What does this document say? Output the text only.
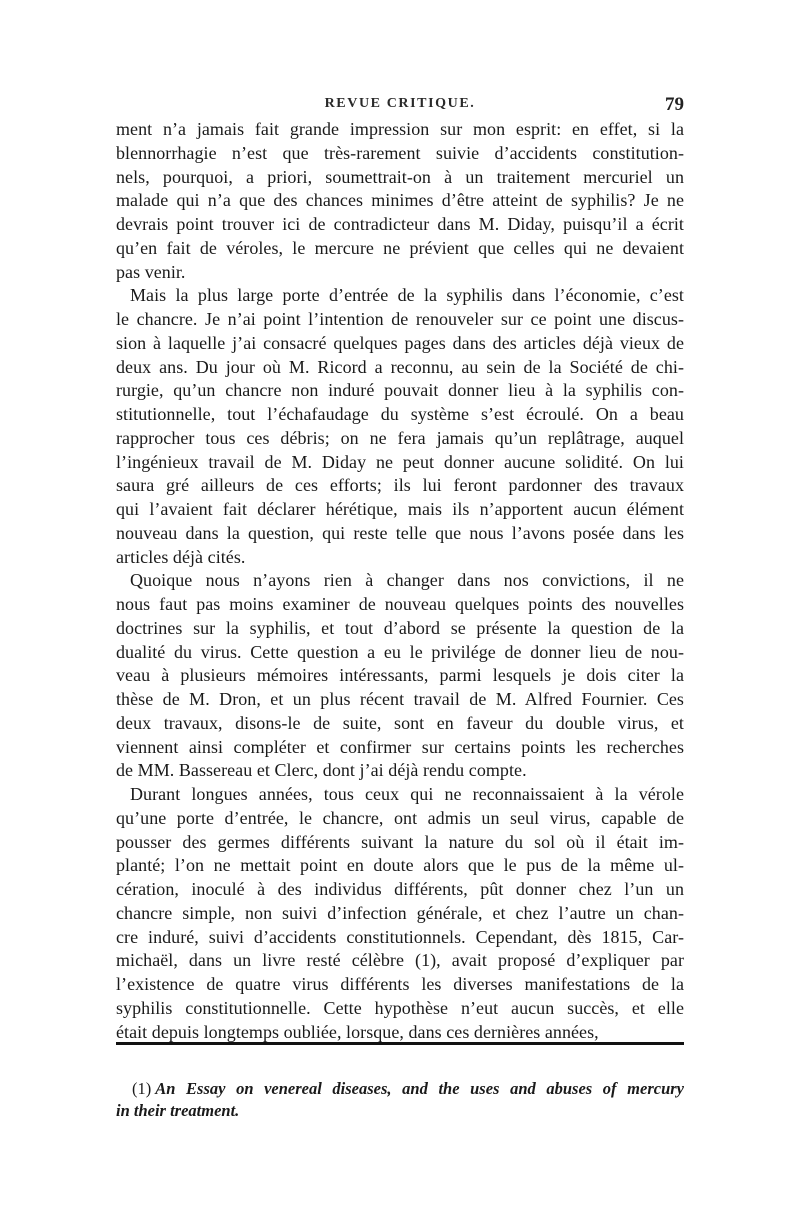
REVUE CRITIQUE.	79
ment n’a jamais fait grande impression sur mon esprit: en effet, si la
blennorrhagie n’est que très-rarement suivie d’accidents constitution-
nels, pourquoi, a priori, soumettrait-on à un traitement mercuriel un
malade qui n’a que des chances minimes d’être atteint de syphilis? Je ne
devrais point trouver ici de contradicteur dans M. Diday, puisqu’il a écrit
qu’en fait de véroles, le mercure ne prévient que celles qui ne devaient
pas venir.
Mais la plus large porte d’entrée de la syphilis dans l’économie, c’est
le chancre. Je n’ai point l’intention de renouveler sur ce point une discus-
sion à laquelle j’ai consacré quelques pages dans des articles déjà vieux de
deux ans. Du jour où M. Ricord a reconnu, au sein de la Société de chi-
rurgie, qu’un chancre non induré pouvait donner lieu à la syphilis con-
stitutionnelle, tout l’échafaudage du système s’est écroulé. On a beau
rapprocher tous ces débris; on ne fera jamais qu’un replâtrage, auquel
l’ingénieux travail de M. Diday ne peut donner aucune solidité. On lui
saura gré ailleurs de ces efforts; ils lui feront pardonner des travaux
qui l’avaient fait déclarer hérétique, mais ils n’apportent aucun élément
nouveau dans la question, qui reste telle que nous l’avons posée dans les
articles déjà cités.
Quoique nous n’ayons rien à changer dans nos convictions, il ne
nous faut pas moins examiner de nouveau quelques points des nouvelles
doctrines sur la syphilis, et tout d’abord se présente la question de la
dualité du virus. Cette question a eu le privilége de donner lieu de nou-
veau à plusieurs mémoires intéressants, parmi lesquels je dois citer la
thèse de M. Dron, et un plus récent travail de M. Alfred Fournier. Ces
deux travaux, disons-le de suite, sont en faveur du double virus, et
viennent ainsi compléter et confirmer sur certains points les recherches
de MM. Bassereau et Clerc, dont j’ai déjà rendu compte.
Durant longues années, tous ceux qui ne reconnaissaient à la vérole
qu’une porte d’entrée, le chancre, ont admis un seul virus, capable de
pousser des germes différents suivant la nature du sol où il était im-
planté; l’on ne mettait point en doute alors que le pus de la même ul-
cération, inoculé à des individus différents, pût donner chez l’un un
chancre simple, non suivi d’infection générale, et chez l’autre un chan-
cre induré, suivi d’accidents constitutionnels. Cependant, dès 1815, Car-
michaël, dans un livre resté célèbre (1), avait proposé d’expliquer par
l’existence de quatre virus différents les diverses manifestations de la
syphilis constitutionnelle. Cette hypothèse n’eut aucun succès, et elle
était depuis longtemps oubliée, lorsque, dans ces dernières années,
(1) An Essay on venereal diseases, and the uses and abuses of mercury
in their treatment.
